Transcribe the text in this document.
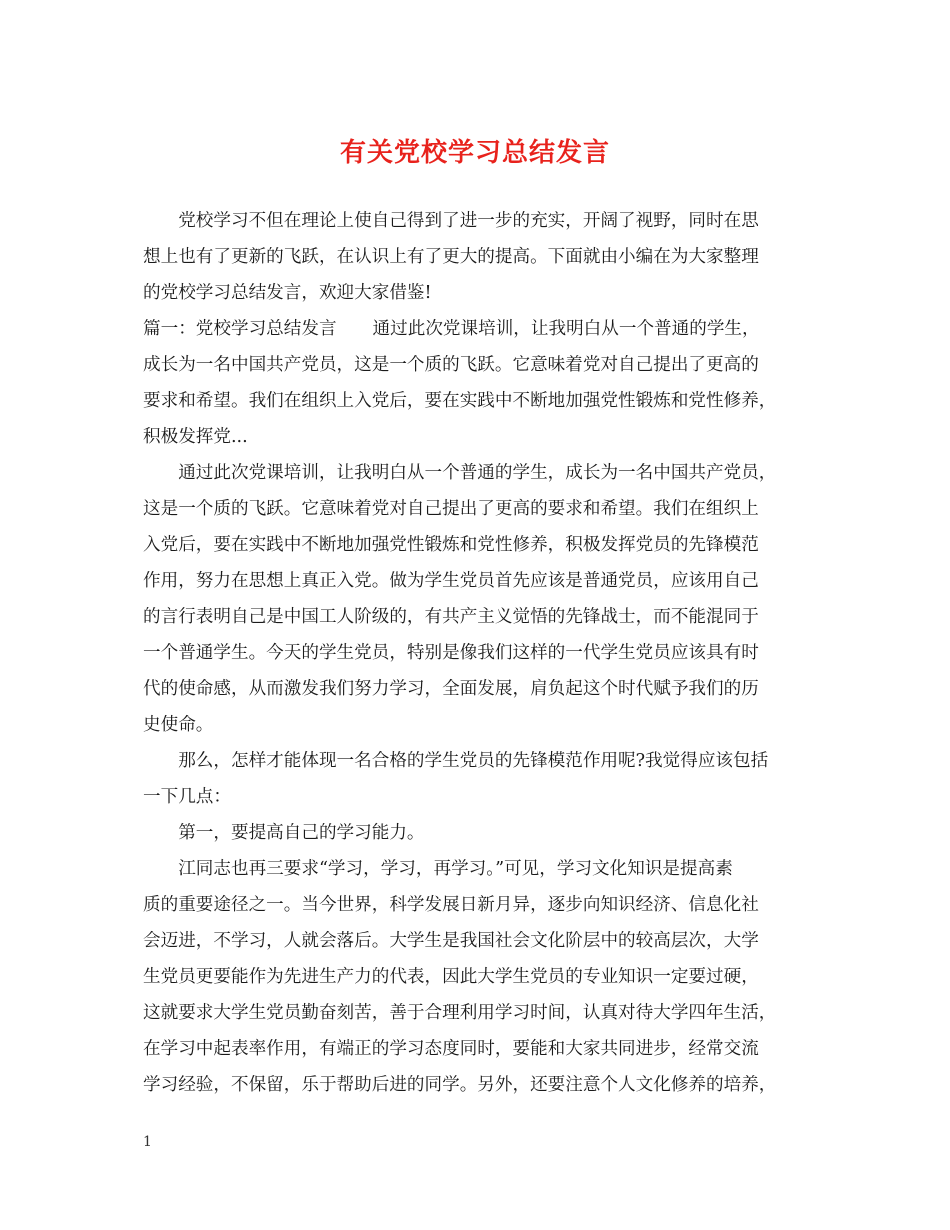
有关党校学习总结发言

党校学习不但在理论上使自己得到了进一步的充实，开阔了视野，同时在思
想上也有了更新的飞跃，在认识上有了更大的提高。下面就由小编在为大家整理
的党校学习总结发言，欢迎大家借鉴!

篇一：党校学习总结发言 通过此次党课培训，让我明白从一个普通的学生，
成长为一名中国共产党员，这是一个质的飞跃。它意味着党对自己提出了更高的
要求和希望。我们在组织上入党后，要在实践中不断地加强党性锻炼和党性修养，
积极发挥党...

通过此次党课培训，让我明白从一个普通的学生，成长为一名中国共产党员，
这是一个质的飞跃。它意味着党对自己提出了更高的要求和希望。我们在组织上
入党后，要在实践中不断地加强党性锻炼和党性修养，积极发挥党员的先锋模范
作用，努力在思想上真正入党。做为学生党员首先应该是普通党员，应该用自己
的言行表明自己是中国工人阶级的，有共产主义觉悟的先锋战士，而不能混同于
一个普通学生。今天的学生党员，特别是像我们这样的一代学生党员应该具有时
代的使命感，从而激发我们努力学习，全面发展，肩负起这个时代赋予我们的历
史使命。

那么，怎样才能体现一名合格的学生党员的先锋模范作用呢?我觉得应该包括
一下几点：

第一，要提高自己的学习能力。

江同志也再三要求“学习，学习，再学习。”可见，学习文化知识是提高素
质的重要途径之一。当今世界，科学发展日新月异，逐步向知识经济、信息化社
会迈进，不学习，人就会落后。大学生是我国社会文化阶层中的较高层次，大学
生党员更要能作为先进生产力的代表，因此大学生党员的专业知识一定要过硬，
这就要求大学生党员勤奋刻苦，善于合理利用学习时间，认真对待大学四年生活，
在学习中起表率作用，有端正的学习态度同时，要能和大家共同进步，经常交流
学习经验，不保留，乐于帮助后进的同学。另外，还要注意个人文化修养的培养，

1
